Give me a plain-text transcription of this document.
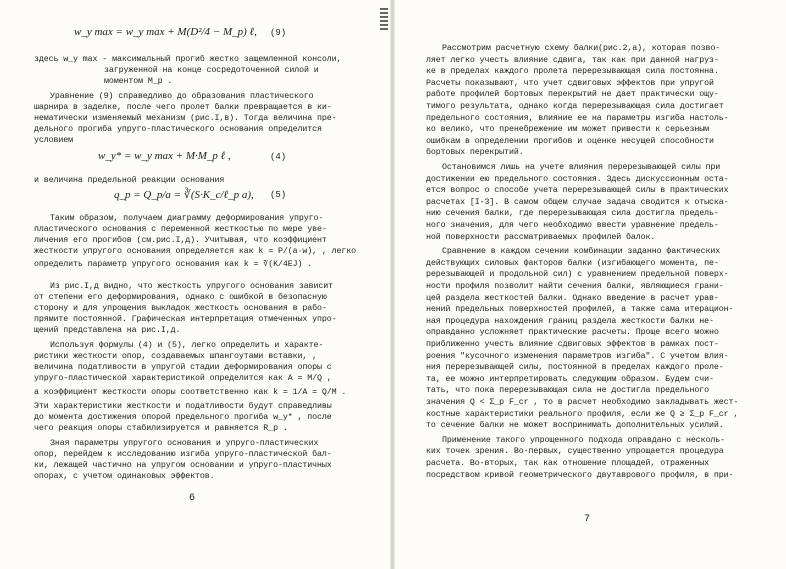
w_y max = w_y max + M(D²/4 − M_p) ℓ, (9)
здесь w_y max - максимальный прогиб жестко защемленной консоли,
загруженной на конце сосредоточенной силой и
моментом M_p .
Уравнение (9) справедливо до образования пластического
шарнира в заделке, после чего пролет балки превращается в ки-
нематически изменяемый механизм (рис.I,в). Тогда величина пре-
дельного прогиба упруго-пластического основания определится
условием
w_y* = w_y max + M·M_p ℓ ,	(4)
и величина предельной реакции основания
q_p = Q_p/a = ∛(S·K_c/ℓ_p a), (5)
Таким образом, получаем диаграмму деформирования упруго-
пластического основания с переменной жесткостью по мере уве-
личения его прогибов (см.рис.I,д). Учитывая, что коэффициент
жесткости упругого основания определяется как k = P/(a·w), , легко
определить параметр упругого основания как k = ∜(K/4EJ) .
Из рис.I,д видно, что жесткость упругого основания зависит
от степени его деформирования, однако с ошибкой в безопасную
сторону и для упрощения выкладок жесткость основания в рабо-
прямите постоянной. Графическая интерпретация отмеченных упро-
щений представлена на рис.I,д.
Используя формулы (4) и (5), легко определить и характе-
ристики жесткости опор, создаваемых шпангоутами вставки, ,
величина податливости в упругой стадии деформирования опоры с
упруго-пластической характеристикой определится как A = M/Q ,
а коэффициент жесткости опоры соответственно как k = 1/A = Q/M .
Эти характеристики жесткости и податливости будут справедливы
до момента достижения опорой предельного прогиба w_y* , после
чего реакция опоры стабилизируется и равняется R_p .
Зная параметры упругого основания и упруго-пластических
опор, перейдем к исследованию изгиба упруго-пластической бал-
ки, лежащей частично на упругом основании и упруго-пластичных
опорах, с учетом одинаковых эффектов.
6
Рассмотрим расчетную схему балки(рис.2,а), которая позво-
ляет легко учесть влияние сдвига, так как при данной нагруз-
ке в пределах каждого пролета перерезывающая сила постоянна.
Расчеты показывают, что учет сдвиговых эффектов при упругой
работе профилей бортовых перекрытий не дает практически ощу-
тимого результата, однако когда перерезывающая сила достигает
предельного состояния, влияние ее на параметры изгиба настоль-
ко велико, что пренебрежение им может привести к серьезным
ошибкам в определении прогибов и оценке несущей способности
бортовых перекрытий.
Остановимся лишь на учете влияния перерезывающей силы при
достижении ею предельного состояния. Здесь дискуссионным оста-
ется вопрос о способе учета перерезывающей силы в практических
расчетах [I-3]. В самом общем случае задача сводится к отыска-
нию сечения балки, где перерезывающая сила достигла предель-
ного значения, для чего необходимо ввести уравнение предель-
ной поверхности рассматриваемых профилей балок.
Сравнение в каждом сечении комбинации заданно фактических
действующих силовых факторов балки (изгибающего момента, пе-
ререзывающей и продольной сил) с уравнением предельной поверх-
ности профиля позволит найти сечения балки, являющиеся грани-
цей раздела жесткостей балки. Однако введение в расчет урав-
нений предельных поверхностей профилей, а также сама итерацион-
ная процедура нахождения границ раздела жесткости балки не-
оправданно усложняет практические расчеты. Проще всего можно
приближенно учесть влияние сдвиговых эффектов в рамках пост-
роения "кусочного изменения параметров изгиба". С учетом влия-
ния перерезывающей силы, постоянной в пределах каждого проле-
та, ее можно интерпретировать следующим образом. Будем счи-
тать, что пока перерезывающая сила не достигла предельного
значения Q < Σ_p F_cr , то в расчет необходимо закладывать жест-
костные характеристики реального профиля, если же Q ≥ Σ_p F_cr ,
то сечение балки не может воспринимать дополнительных усилий.
Применение такого упрощенного подхода оправдано с несколь-
ких точек зрения. Во-первых, существенно упрощается процедура
расчета. Во-вторых, так как отношение площадей, отраженных
посредством кривой геометрического двутаврового профиля, в при-
7
